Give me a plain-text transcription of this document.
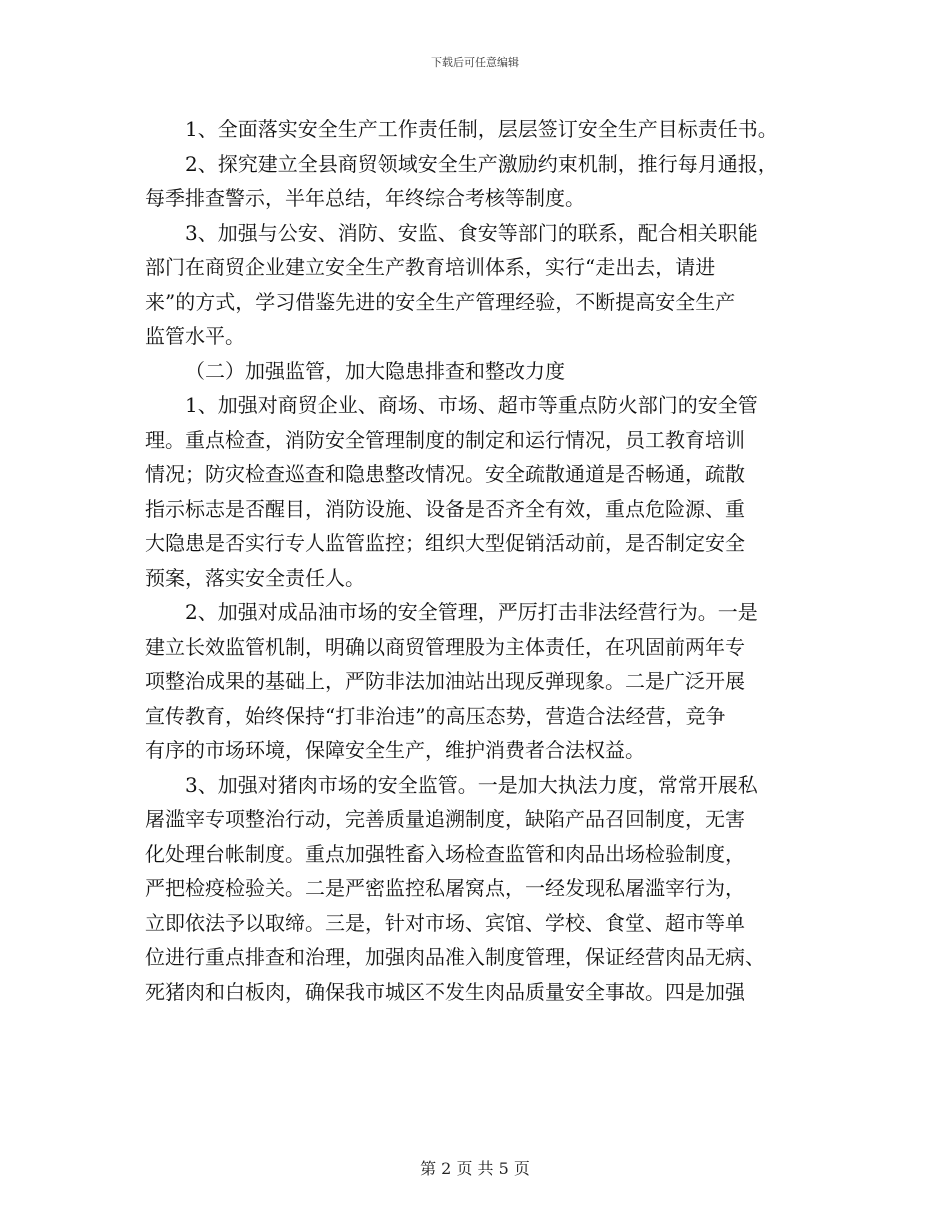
下载后可任意编辑
1、全面落实安全生产工作责任制，层层签订安全生产目标责任书。
2、探究建立全县商贸领域安全生产激励约束机制，推行每月通报，
每季排查警示，半年总结，年终综合考核等制度。
3、加强与公安、消防、安监、食安等部门的联系，配合相关职能
部门在商贸企业建立安全生产教育培训体系，实行“走出去，请进
来”的方式，学习借鉴先进的安全生产管理经验，不断提高安全生产
监管水平。
（二）加强监管，加大隐患排查和整改力度
1、加强对商贸企业、商场、市场、超市等重点防火部门的安全管
理。重点检查，消防安全管理制度的制定和运行情况，员工教育培训
情况；防灾检查巡查和隐患整改情况。安全疏散通道是否畅通，疏散
指示标志是否醒目，消防设施、设备是否齐全有效，重点危险源、重
大隐患是否实行专人监管监控；组织大型促销活动前，是否制定安全
预案，落实安全责任人。
2、加强对成品油市场的安全管理，严厉打击非法经营行为。一是
建立长效监管机制，明确以商贸管理股为主体责任，在巩固前两年专
项整治成果的基础上，严防非法加油站出现反弹现象。二是广泛开展
宣传教育，始终保持“打非治违”的高压态势，营造合法经营，竞争
有序的市场环境，保障安全生产，维护消费者合法权益。
3、加强对猪肉市场的安全监管。一是加大执法力度，常常开展私
屠滥宰专项整治行动，完善质量追溯制度，缺陷产品召回制度，无害
化处理台帐制度。重点加强牲畜入场检查监管和肉品出场检验制度，
严把检疫检验关。二是严密监控私屠窝点，一经发现私屠滥宰行为，
立即依法予以取缔。三是，针对市场、宾馆、学校、食堂、超市等单
位进行重点排查和治理，加强肉品准入制度管理，保证经营肉品无病、
死猪肉和白板肉，确保我市城区不发生肉品质量安全事故。四是加强
第 2 页 共 5 页
